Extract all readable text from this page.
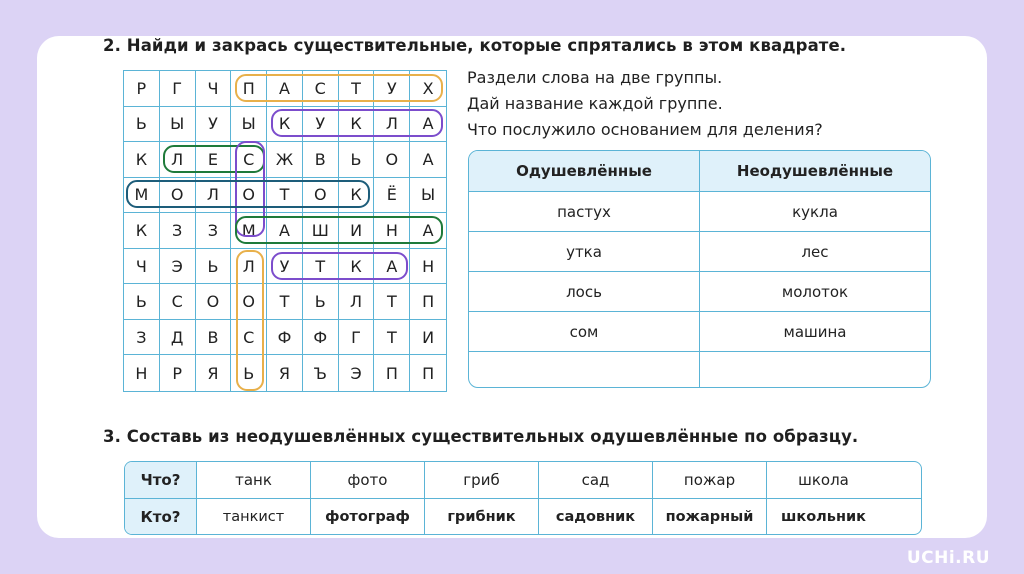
2. Найди и закрась существительные, которые спрятались в этом квадрате.
Р	Г	Ч	П	А	С	Т	У	Х
Ь	Ы	У	Ы	К	У	К	Л	А
К	Л	Е	С	Ж	В	Ь	О	А
М	О	Л	О	Т	О	К	Ё	Ы
К	З	З	М	А	Ш	И	Н	А
Ч	Э	Ь	Л	У	Т	К	А	Н
Ь	С	О	О	Т	Ь	Л	Т	П
З	Д	В	С	Ф	Ф	Г	Т	И
Н	Р	Я	Ь	Я	Ъ	Э	П	П
Раздели слова на две группы.
Дай название каждой группе.
Что послужило основанием для деления?
Одушевлённые	Неодушевлённые
пастух	кукла
утка	лес
лось	молоток
сом	машина
3. Составь из неодушевлённых существительных одушевлённые по образцу.
Что?	танк	фото	гриб	сад	пожар	школа
Кто?	танкист	фотограф	грибник	садовник	пожарный	школьник
UCHi.RU
